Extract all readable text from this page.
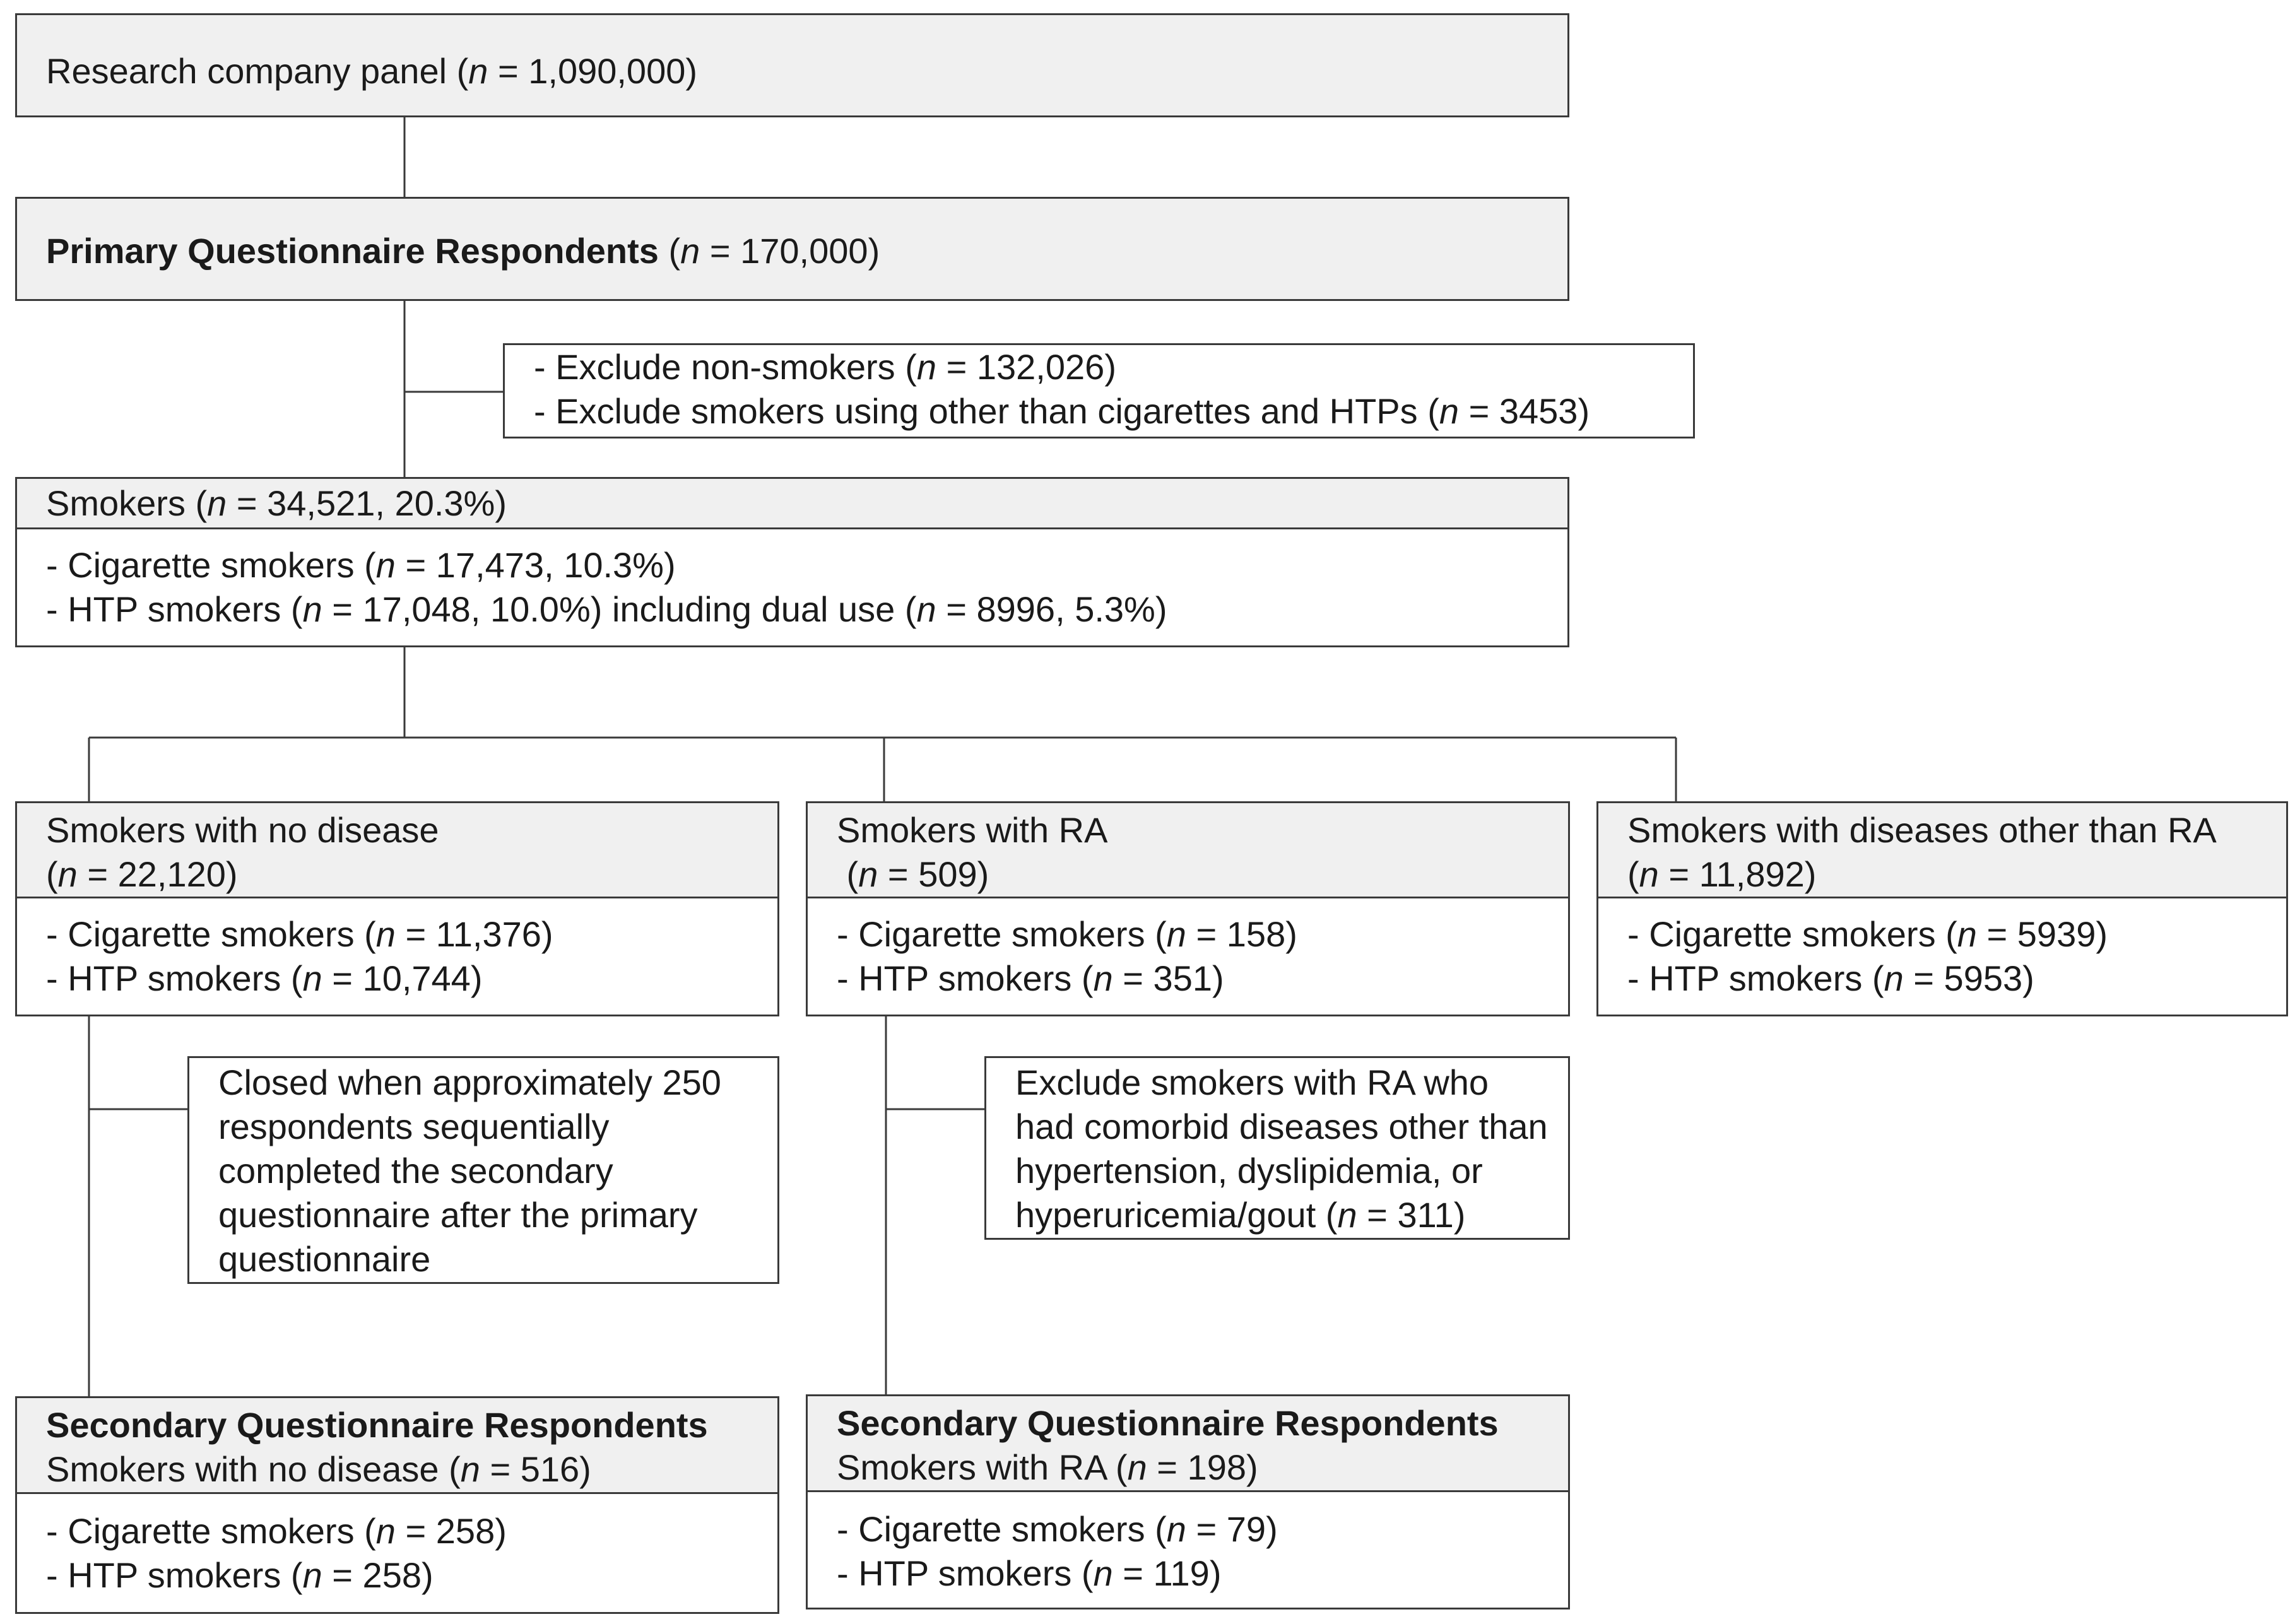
Research company panel (n = 1,090,000)
Primary Questionnaire Respondents (n = 170,000)
- Exclude non-smokers (n = 132,026)
- Exclude smokers using other than cigarettes and HTPs (n = 3453)
Smokers (n = 34,521, 20.3%)
- Cigarette smokers (n = 17,473, 10.3%)
- HTP smokers (n = 17,048, 10.0%) including dual use (n = 8996, 5.3%)
Smokers with no disease
(n = 22,120)
- Cigarette smokers (n = 11,376)
- HTP smokers (n = 10,744)
Smokers with RA
(n = 509)
- Cigarette smokers (n = 158)
- HTP smokers (n = 351)
Smokers with diseases other than RA
(n = 11,892)
- Cigarette smokers (n = 5939)
- HTP smokers (n = 5953)
Closed when approximately 250 respondents sequentially completed the secondary questionnaire after the primary questionnaire
Exclude smokers with RA who had comorbid diseases other than hypertension, dyslipidemia, or hyperuricemia/gout (n = 311)
Secondary Questionnaire Respondents
Smokers with no disease (n = 516)
- Cigarette smokers (n = 258)
- HTP smokers (n = 258)
Secondary Questionnaire Respondents
Smokers with RA (n = 198)
- Cigarette smokers (n = 79)
- HTP smokers (n = 119)
